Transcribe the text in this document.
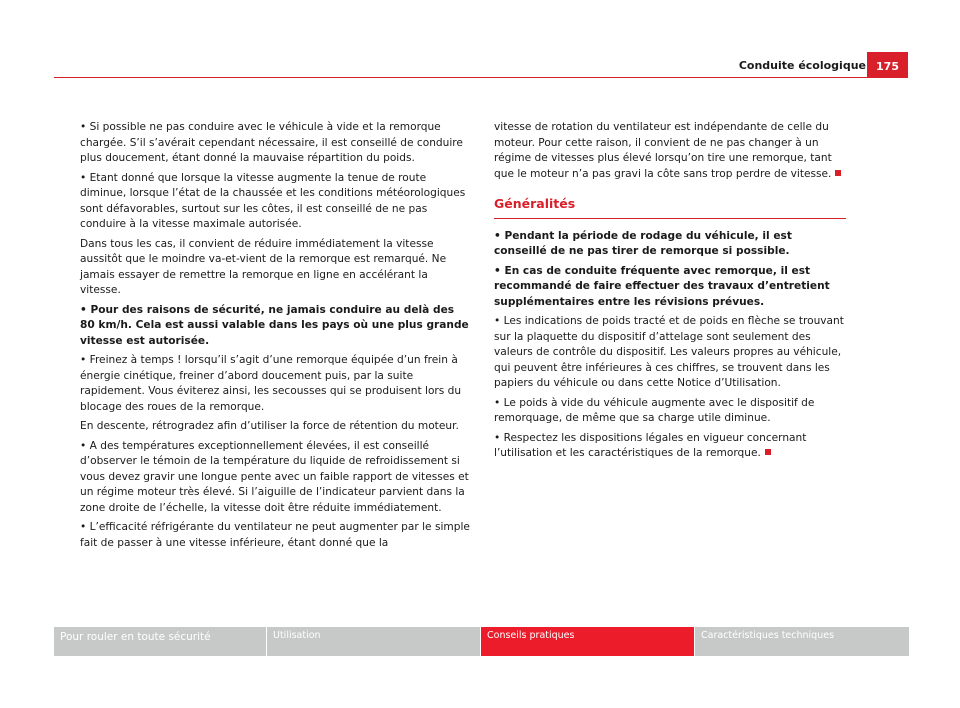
Conduite écologique 175

• Si possible ne pas conduire avec le véhicule à vide et la remorque chargée. S’il s’avérait cependant nécessaire, il est conseillé de conduire plus doucement, étant donné la mauvaise répartition du poids.

• Etant donné que lorsque la vitesse augmente la tenue de route diminue, lorsque l’état de la chaussée et les conditions météorologiques sont défavorables, surtout sur les côtes, il est conseillé de ne pas conduire à la vitesse maximale autorisée.

Dans tous les cas, il convient de réduire immédiatement la vitesse aussitôt que le moindre va-et-vient de la remorque est remarqué. Ne jamais essayer de remettre la remorque en ligne en accélérant la vitesse.

• Pour des raisons de sécurité, ne jamais conduire au delà des 80 km/h. Cela est aussi valable dans les pays où une plus grande vitesse est autorisée.

• Freinez à temps ! lorsqu’il s’agit d’une remorque équipée d’un frein à énergie cinétique, freiner d’abord doucement puis, par la suite rapidement. Vous éviterez ainsi, les secousses qui se produisent lors du blocage des roues de la remorque.

En descente, rétrogradez afin d’utiliser la force de rétention du moteur.

• A des températures exceptionnellement élevées, il est conseillé d’observer le témoin de la température du liquide de refroidissement si vous devez gravir une longue pente avec un faible rapport de vitesses et un régime moteur très élevé. Si l’aiguille de l’indicateur parvient dans la zone droite de l’échelle, la vitesse doit être réduite immédiatement.

• L’efficacité réfrigérante du ventilateur ne peut augmenter par le simple fait de passer à une vitesse inférieure, étant donné que la

vitesse de rotation du ventilateur est indépendante de celle du moteur. Pour cette raison, il convient de ne pas changer à un régime de vitesses plus élevé lorsqu’on tire une remorque, tant que le moteur n’a pas gravi la côte sans trop perdre de vitesse.

Généralités

• Pendant la période de rodage du véhicule, il est conseillé de ne pas tirer de remorque si possible.

• En cas de conduite fréquente avec remorque, il est recommandé de faire effectuer des travaux d’entretient supplémentaires entre les révisions prévues.

• Les indications de poids tracté et de poids en flèche se trouvant sur la plaquette du dispositif d’attelage sont seulement des valeurs de contrôle du dispositif. Les valeurs propres au véhicule, qui peuvent être inférieures à ces chiffres, se trouvent dans les papiers du véhicule ou dans cette Notice d’Utilisation.

• Le poids à vide du véhicule augmente avec le dispositif de remorquage, de même que sa charge utile diminue.

• Respectez les dispositions légales en vigueur concernant l’utilisation et les caractéristiques de la remorque.

Pour rouler en toute sécurité	Utilisation	Conseils pratiques	Caractéristiques techniques
